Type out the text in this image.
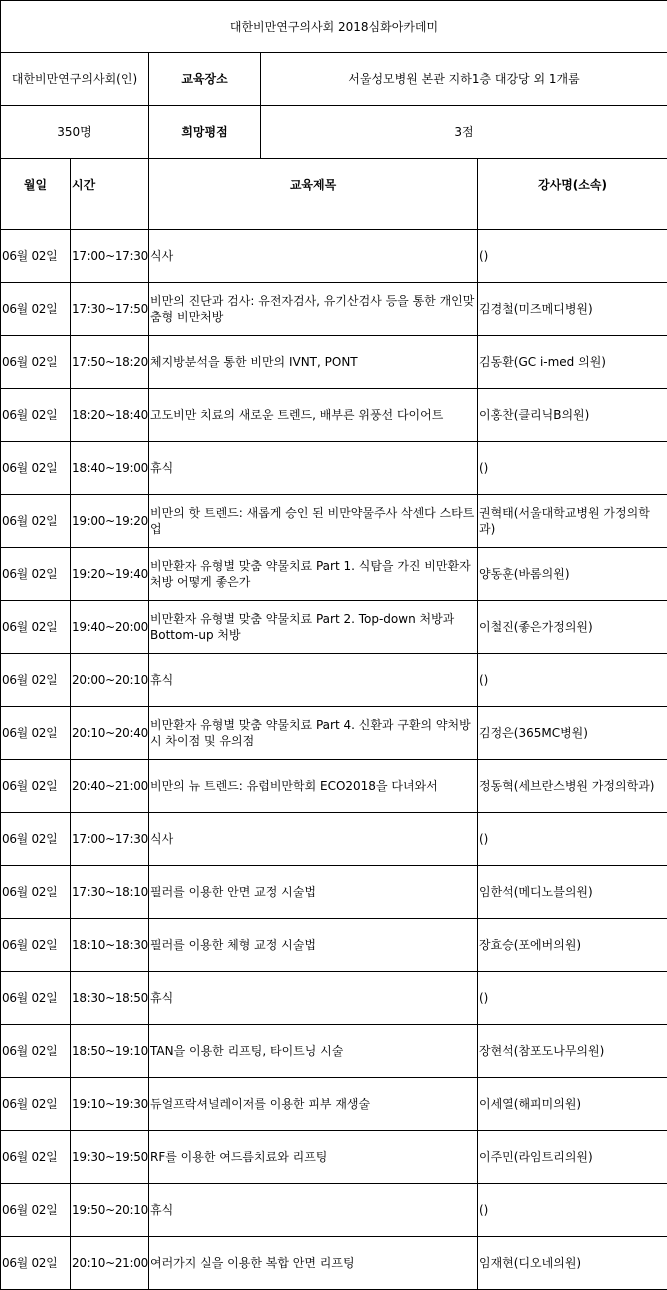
대한비만연구의사회 2018심화아카데미				
대한비만연구의사회(인)		교육장소	서울성모병원 본관 지하1층 대강당 외 1개룸	
350명		희망평점	3점	
월일	시간	교육제목		강사명(소속)
06월 02일	17:00~17:30	식사		()
06월 02일	17:30~17:50	비만의 진단과 검사: 유전자검사, 유기산검사 등을 통한 개인맞춤형 비만처방		김경철(미즈메디병원)
06월 02일	17:50~18:20	체지방분석을 통한 비만의 IVNT, PONT		김동환(GC i-med 의원)
06월 02일	18:20~18:40	고도비만 치료의 새로운 트렌드, 배부른 위풍선 다이어트		이홍찬(클리닉B의원)
06월 02일	18:40~19:00	휴식		()
06월 02일	19:00~19:20	비만의 핫 트렌드: 새롭게 승인 된 비만약물주사 삭센다 스타트업		권혁태(서울대학교병원 가정의학과)
06월 02일	19:20~19:40	비만환자 유형별 맞춤 약물치료 Part 1. 식탐을 가진 비만환자 처방 어떻게 좋은가		양동훈(바롬의원)
06월 02일	19:40~20:00	비만환자 유형별 맞춤 약물치료 Part 2. Top-down 처방과 Bottom-up 처방		이철진(좋은가정의원)
06월 02일	20:00~20:10	휴식		()
06월 02일	20:10~20:40	비만환자 유형별 맞춤 약물치료 Part 4. 신환과 구환의 약처방 시 차이점 및 유의점		김정은(365MC병원)
06월 02일	20:40~21:00	비만의 뉴 트렌드: 유럽비만학회 ECO2018을 다녀와서		정동혁(세브란스병원 가정의학과)
06월 02일	17:00~17:30	식사		()
06월 02일	17:30~18:10	필러를 이용한 안면 교정 시술법		임한석(메디노블의원)
06월 02일	18:10~18:30	필러를 이용한 체형 교정 시술법		장효승(포에버의원)
06월 02일	18:30~18:50	휴식		()
06월 02일	18:50~19:10	TAN을 이용한 리프팅, 타이트닝 시술		장현석(참포도나무의원)
06월 02일	19:10~19:30	듀얼프락셔널레이저를 이용한 피부 재생술		이세열(해피미의원)
06월 02일	19:30~19:50	RF를 이용한 여드름치료와 리프팅		이주민(라임트리의원)
06월 02일	19:50~20:10	휴식		()
06월 02일	20:10~21:00	여러가지 실을 이용한 복합 안면 리프팅		임재현(디오네의원)
